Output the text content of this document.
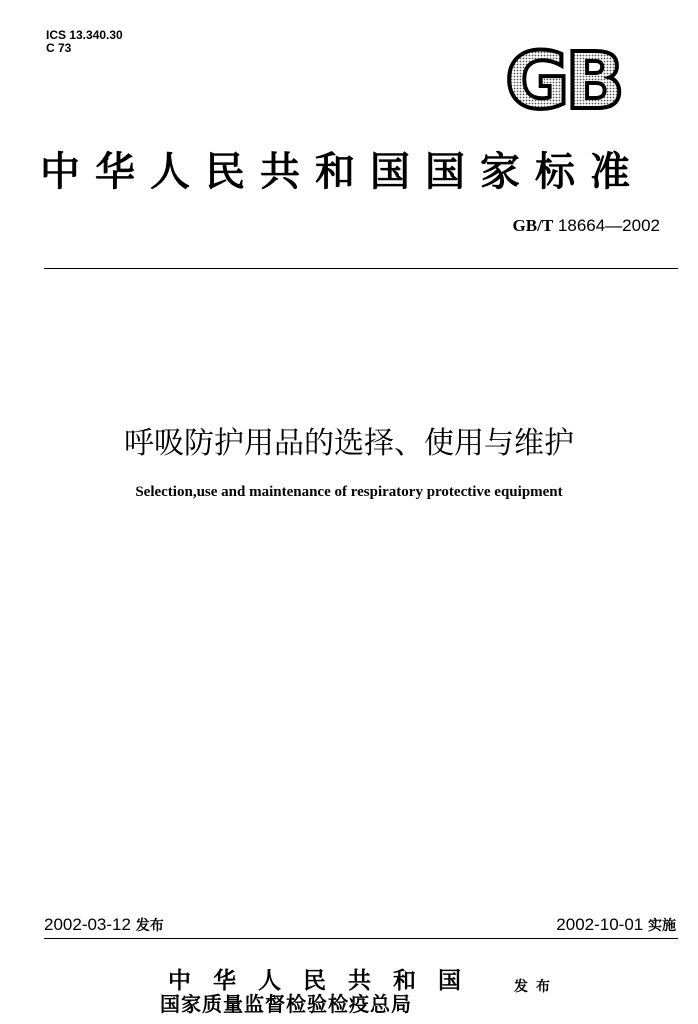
ICS 13.340.30
C 73	GB
中华人民共和国国家标准
GB/T 18664—2002
呼吸防护用品的选择、使用与维护
Selection,use and maintenance of respiratory protective equipment
2002-03-12 发布	2002-10-01 实施
中华人民共和国
国家质量监督检验检疫总局
发布
